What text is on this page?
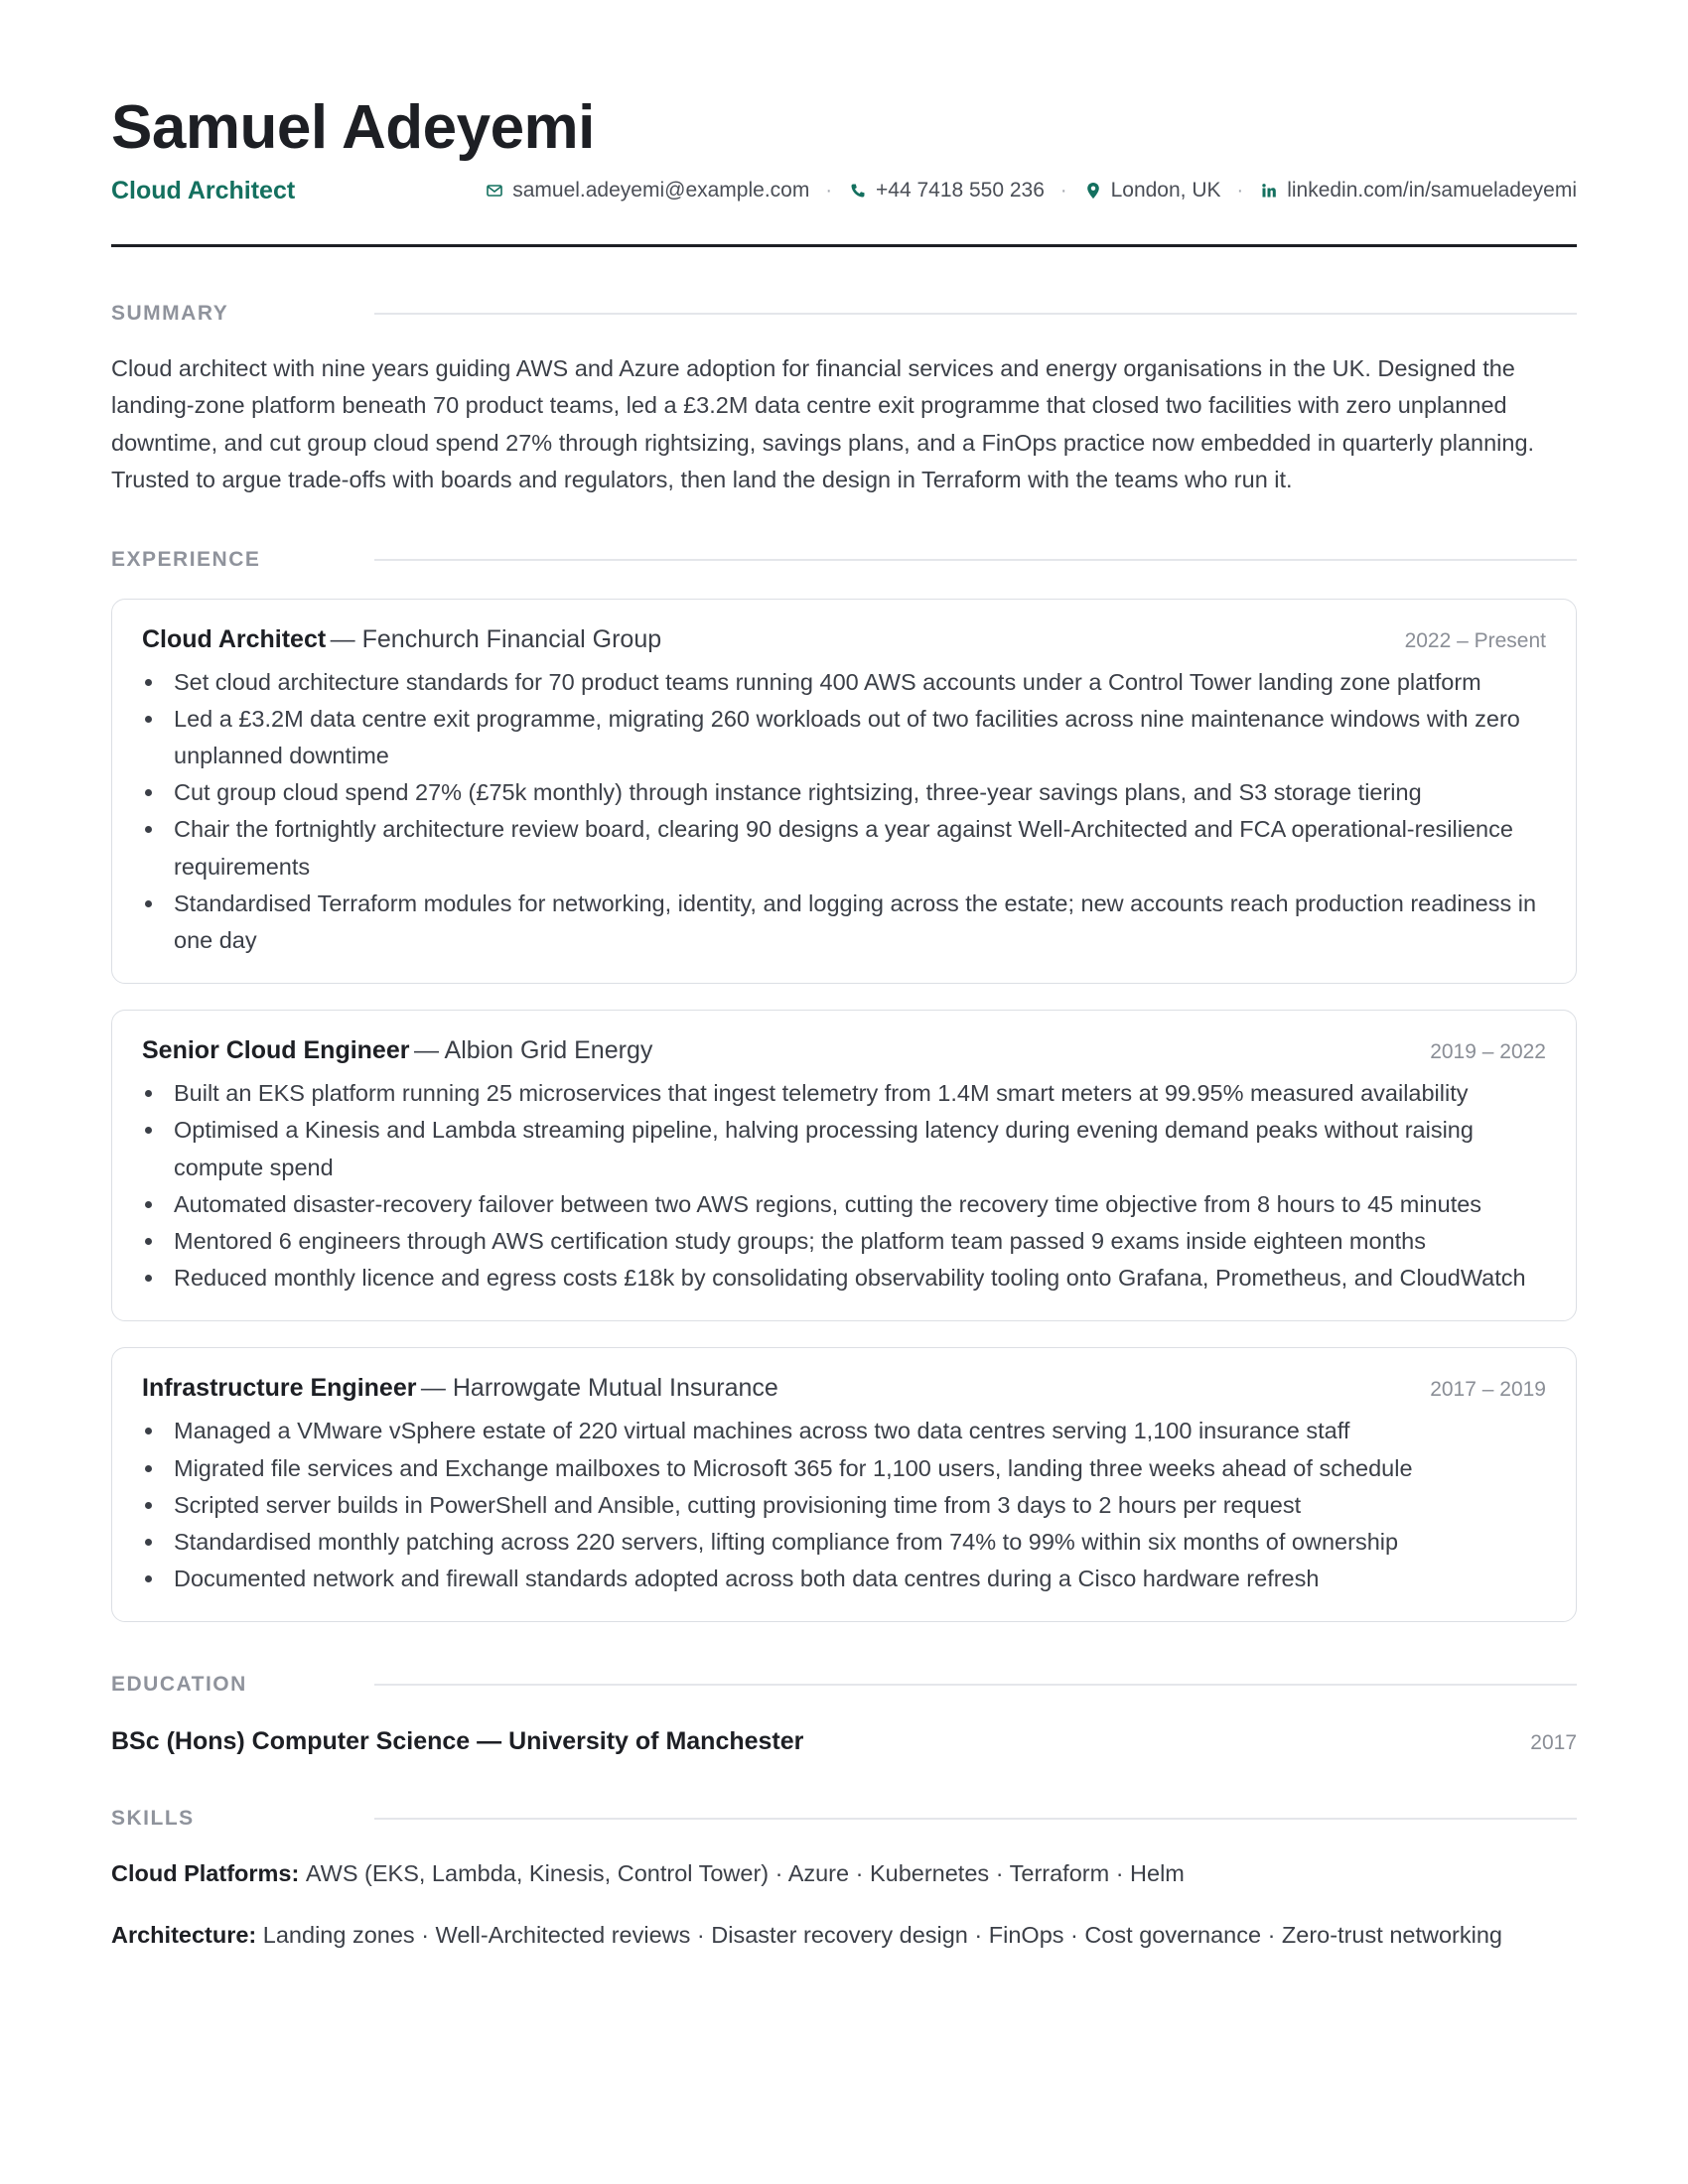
Samuel Adeyemi
Cloud Architect	samuel.adeyemi@example.com · +44 7418 550 236 · London, UK · linkedin.com/in/samueladeyemi
SUMMARY
Cloud architect with nine years guiding AWS and Azure adoption for financial services and energy organisations in the UK. Designed the landing-zone platform beneath 70 product teams, led a £3.2M data centre exit programme that closed two facilities with zero unplanned downtime, and cut group cloud spend 27% through rightsizing, savings plans, and a FinOps practice now embedded in quarterly planning. Trusted to argue trade-offs with boards and regulators, then land the design in Terraform with the teams who run it.
EXPERIENCE
Cloud Architect — Fenchurch Financial Group	2022 – Present
Set cloud architecture standards for 70 product teams running 400 AWS accounts under a Control Tower landing zone platform
Led a £3.2M data centre exit programme, migrating 260 workloads out of two facilities across nine maintenance windows with zero unplanned downtime
Cut group cloud spend 27% (£75k monthly) through instance rightsizing, three-year savings plans, and S3 storage tiering
Chair the fortnightly architecture review board, clearing 90 designs a year against Well-Architected and FCA operational-resilience requirements
Standardised Terraform modules for networking, identity, and logging across the estate; new accounts reach production readiness in one day
Senior Cloud Engineer — Albion Grid Energy	2019 – 2022
Built an EKS platform running 25 microservices that ingest telemetry from 1.4M smart meters at 99.95% measured availability
Optimised a Kinesis and Lambda streaming pipeline, halving processing latency during evening demand peaks without raising compute spend
Automated disaster-recovery failover between two AWS regions, cutting the recovery time objective from 8 hours to 45 minutes
Mentored 6 engineers through AWS certification study groups; the platform team passed 9 exams inside eighteen months
Reduced monthly licence and egress costs £18k by consolidating observability tooling onto Grafana, Prometheus, and CloudWatch
Infrastructure Engineer — Harrowgate Mutual Insurance	2017 – 2019
Managed a VMware vSphere estate of 220 virtual machines across two data centres serving 1,100 insurance staff
Migrated file services and Exchange mailboxes to Microsoft 365 for 1,100 users, landing three weeks ahead of schedule
Scripted server builds in PowerShell and Ansible, cutting provisioning time from 3 days to 2 hours per request
Standardised monthly patching across 220 servers, lifting compliance from 74% to 99% within six months of ownership
Documented network and firewall standards adopted across both data centres during a Cisco hardware refresh
EDUCATION
BSc (Hons) Computer Science — University of Manchester	2017
SKILLS
Cloud Platforms: AWS (EKS, Lambda, Kinesis, Control Tower) · Azure · Kubernetes · Terraform · Helm
Architecture: Landing zones · Well-Architected reviews · Disaster recovery design · FinOps · Cost governance · Zero-trust networking
